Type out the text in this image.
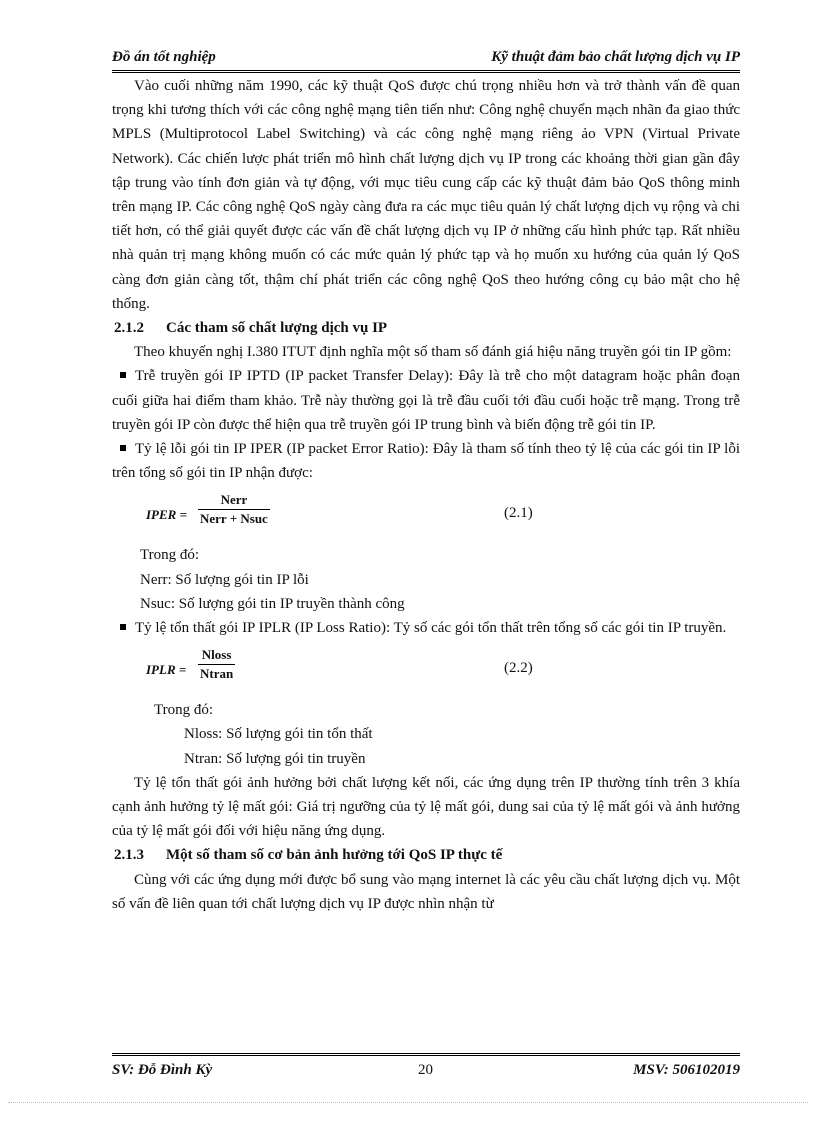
Đồ án tốt nghiệp	Kỹ thuật đảm bảo chất lượng dịch vụ IP

Vào cuối những năm 1990, các kỹ thuật QoS được chú trọng nhiều hơn và trở thành vấn đề quan trọng khi tương thích với các công nghệ mạng tiên tiến như: Công nghệ chuyển mạch nhãn đa giao thức MPLS (Multiprotocol Label Switching) và các công nghệ mạng riêng ảo VPN (Virtual Private Network). Các chiến lược phát triển mô hình chất lượng dịch vụ IP trong các khoảng thời gian gần đây tập trung vào tính đơn giản và tự động, với mục tiêu cung cấp các kỹ thuật đảm bảo QoS thông minh trên mạng IP. Các công nghệ QoS ngày càng đưa ra các mục tiêu quản lý chất lượng dịch vụ rộng và chi tiết hơn, có thể giải quyết được các vấn đề chất lượng dịch vụ IP ở những cấu hình phức tạp. Rất nhiều nhà quản trị mạng không muốn có các mức quản lý phức tạp và họ muốn xu hướng của quản lý QoS càng đơn giản càng tốt, thậm chí phát triển các công nghệ QoS theo hướng công cụ bảo mật cho hệ thống.

2.1.2 Các tham số chất lượng dịch vụ IP

Theo khuyến nghị I.380 ITUT định nghĩa một số tham số đánh giá hiệu năng truyền gói tin IP gồm:

Trễ truyền gói IP IPTD (IP packet Transfer Delay): Đây là trễ cho một datagram hoặc phân đoạn cuối giữa hai điểm tham khảo. Trễ này thường gọi là trễ đầu cuối tới đầu cuối hoặc trễ mạng. Trong trễ truyền gói IP còn được thể hiện qua trễ truyền gói IP trung bình và biến động trễ gói tin IP.

Tỷ lệ lỗi gói tin IP IPER (IP packet Error Ratio): Đây là tham số tính theo tỷ lệ của các gói tin IP lỗi trên tổng số gói tin IP nhận được:

IPER =
Nerr
Nerr + Nsuc	(2.1)

Trong đó:

Nerr: Số lượng gói tin IP lỗi

Nsuc: Số lượng gói tin IP truyền thành công

Tỷ lệ tổn thất gói IP IPLR (IP Loss Ratio): Tỷ số các gói tổn thất trên tổng số các gói tin IP truyền.

IPLR =
Nloss
Ntran	(2.2)

Trong đó:

Nloss: Số lượng gói tin tổn thất

Ntran: Số lượng gói tin truyền

Tỷ lệ tổn thất gói ảnh hưởng bởi chất lượng kết nối, các ứng dụng trên IP thường tính trên 3 khía cạnh ảnh hưởng tỷ lệ mất gói: Giá trị ngưỡng của tỷ lệ mất gói, dung sai của tỷ lệ mất gói và ảnh hưởng của tỷ lệ mất gói đối với hiệu năng ứng dụng.

2.1.3 Một số tham số cơ bản ảnh hưởng tới QoS IP thực tế

Cùng với các ứng dụng mới được bổ sung vào mạng internet là các yêu cầu chất lượng dịch vụ. Một số vấn đề liên quan tới chất lượng dịch vụ IP được nhìn nhận từ

SV: Đỗ Đình Kỳ	20	MSV: 506102019
